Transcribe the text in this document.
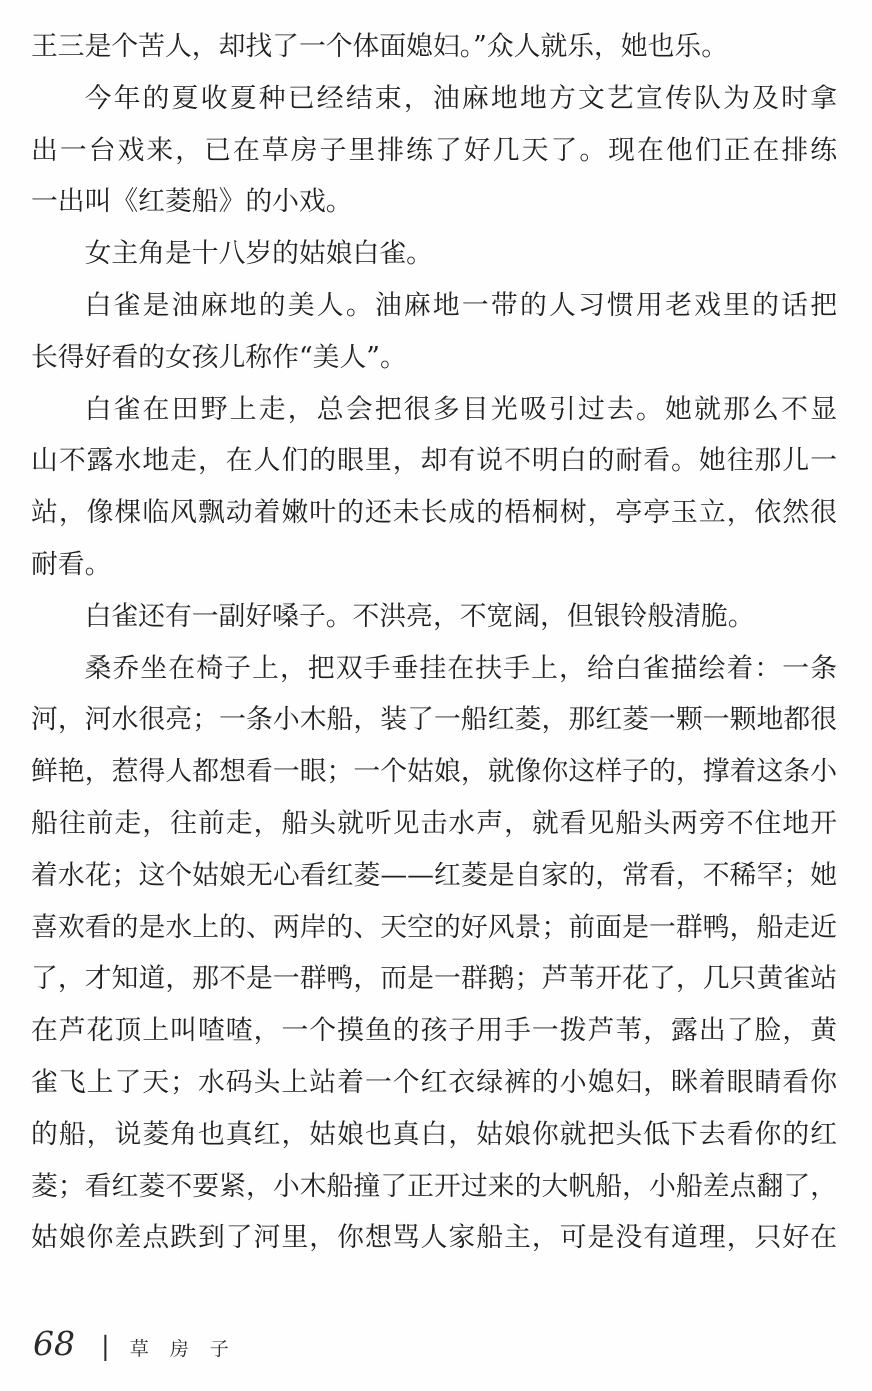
王三是个苦人，却找了一个体面媳妇。”众人就乐，她也乐。
今年的夏收夏种已经结束，油麻地地方文艺宣传队为及时拿
出一台戏来，已在草房子里排练了好几天了。现在他们正在排练
一出叫《红菱船》的小戏。
女主角是十八岁的姑娘白雀。
白雀是油麻地的美人。油麻地一带的人习惯用老戏里的话把
长得好看的女孩儿称作“美人”。
白雀在田野上走，总会把很多目光吸引过去。她就那么不显
山不露水地走，在人们的眼里，却有说不明白的耐看。她往那儿一
站，像棵临风飘动着嫩叶的还未长成的梧桐树，亭亭玉立，依然很
耐看。
白雀还有一副好嗓子。不洪亮，不宽阔，但银铃般清脆。
桑乔坐在椅子上，把双手垂挂在扶手上，给白雀描绘着：一条
河，河水很亮；一条小木船，装了一船红菱，那红菱一颗一颗地都很
鲜艳，惹得人都想看一眼；一个姑娘，就像你这样子的，撑着这条小
船往前走，往前走，船头就听见击水声，就看见船头两旁不住地开
着水花；这个姑娘无心看红菱——红菱是自家的，常看，不稀罕；她
喜欢看的是水上的、两岸的、天空的好风景；前面是一群鸭，船走近
了，才知道，那不是一群鸭，而是一群鹅；芦苇开花了，几只黄雀站
在芦花顶上叫喳喳，一个摸鱼的孩子用手一拨芦苇，露出了脸，黄
雀飞上了天；水码头上站着一个红衣绿裤的小媳妇，眯着眼睛看你
的船，说菱角也真红，姑娘也真白，姑娘你就把头低下去看你的红
菱；看红菱不要紧，小木船撞了正开过来的大帆船，小船差点翻了，
姑娘你差点跌到了河里，你想骂人家船主，可是没有道理，只好在
68 | 草房子
